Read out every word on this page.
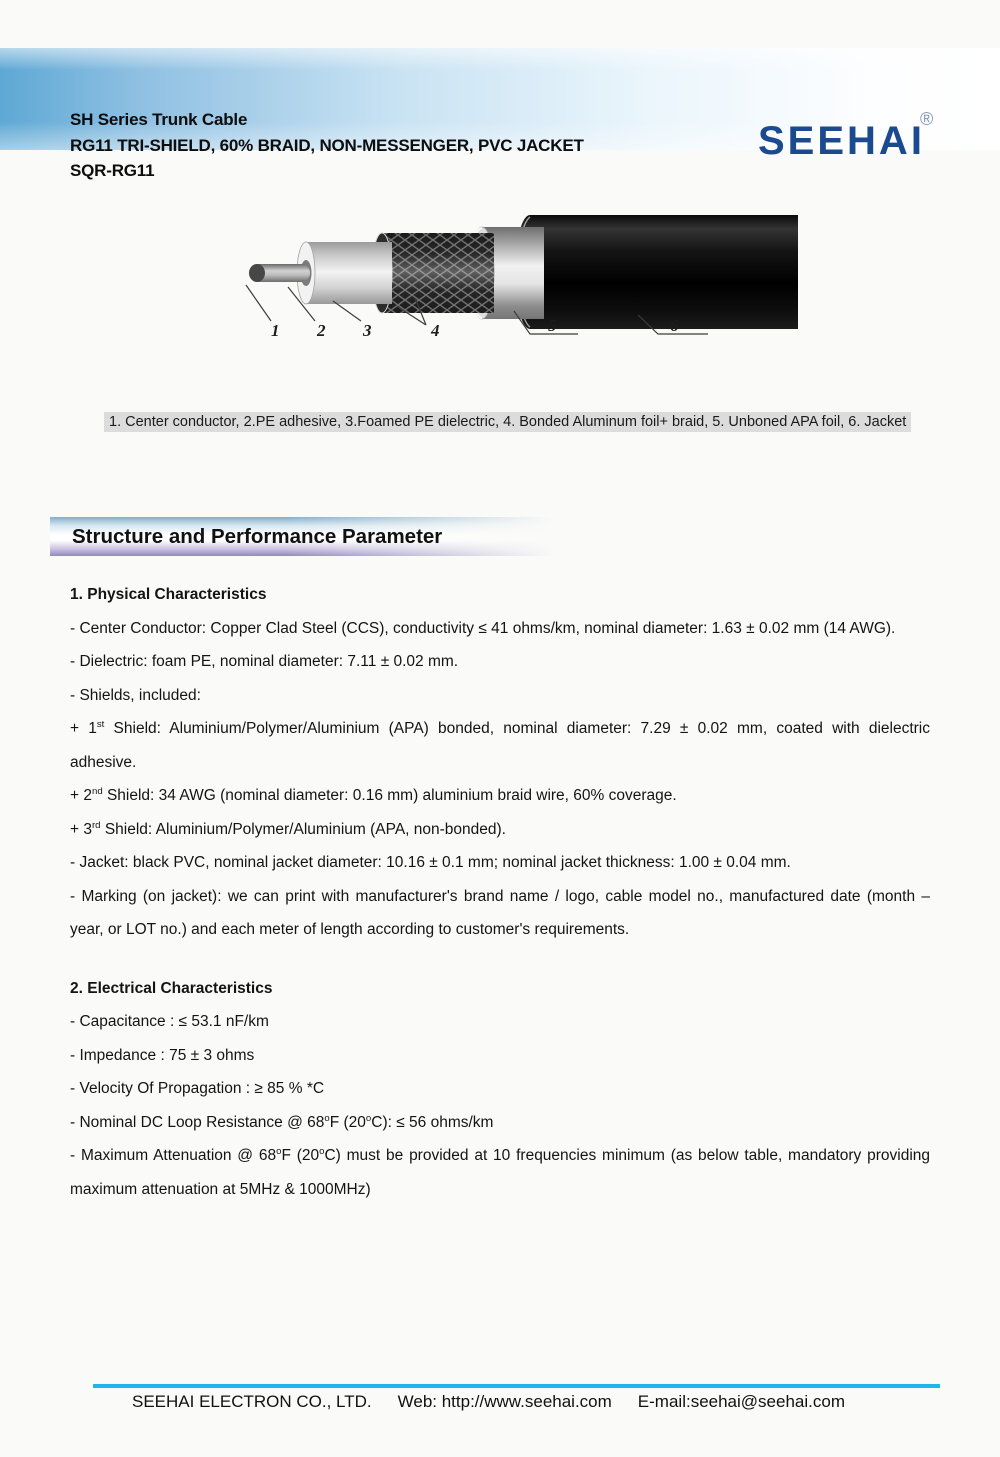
SH Series Trunk Cable
RG11 TRI-SHIELD, 60% BRAID, NON-MESSENGER, PVC JACKET
SQR-RG11
SEEHAI
®
1 2 3	4	5	6
1. Center conductor, 2.PE adhesive, 3.Foamed PE dielectric, 4. Bonded Aluminum foil+ braid, 5. Unboned APA foil, 6. Jacket
Structure and Performance Parameter

1. Physical Characteristics

- Center Conductor: Copper Clad Steel (CCS), conductivity ≤ 41 ohms/km, nominal diameter: 1.63 ± 0.02 mm (14 AWG).

- Dielectric: foam PE, nominal diameter: 7.11 ± 0.02 mm.

- Shields, included:

+ 1st Shield: Aluminium/Polymer/Aluminium (APA) bonded, nominal diameter: 7.29 ± 0.02 mm, coated with dielectric adhesive.

+ 2nd Shield: 34 AWG (nominal diameter: 0.16 mm) aluminium braid wire, 60% coverage.

+ 3rd Shield: Aluminium/Polymer/Aluminium (APA, non-bonded).

- Jacket: black PVC, nominal jacket diameter: 10.16 ± 0.1 mm; nominal jacket thickness: 1.00 ± 0.04 mm.

- Marking (on jacket): we can print with manufacturer's brand name / logo, cable model no., manufactured date (month – year, or LOT no.) and each meter of length according to customer's requirements.

2. Electrical Characteristics

- Capacitance : ≤ 53.1 nF/km

- Impedance : 75 ± 3 ohms

- Velocity Of Propagation : ≥ 85 % *C

- Nominal DC Loop Resistance @ 68$^o$F $(20^oC)$: ≤ 56 ohms/km

- Maximum Attenuation @ 68$^o$F (20$^o$C) must be provided at 10 frequencies minimum (as below table, mandatory providing maximum attenuation at 5MHz & 1000MHz)

SEEHAI ELECTRON CO., LTD. Web: http://www.seehai.com E-mail:seehai@seehai.com
